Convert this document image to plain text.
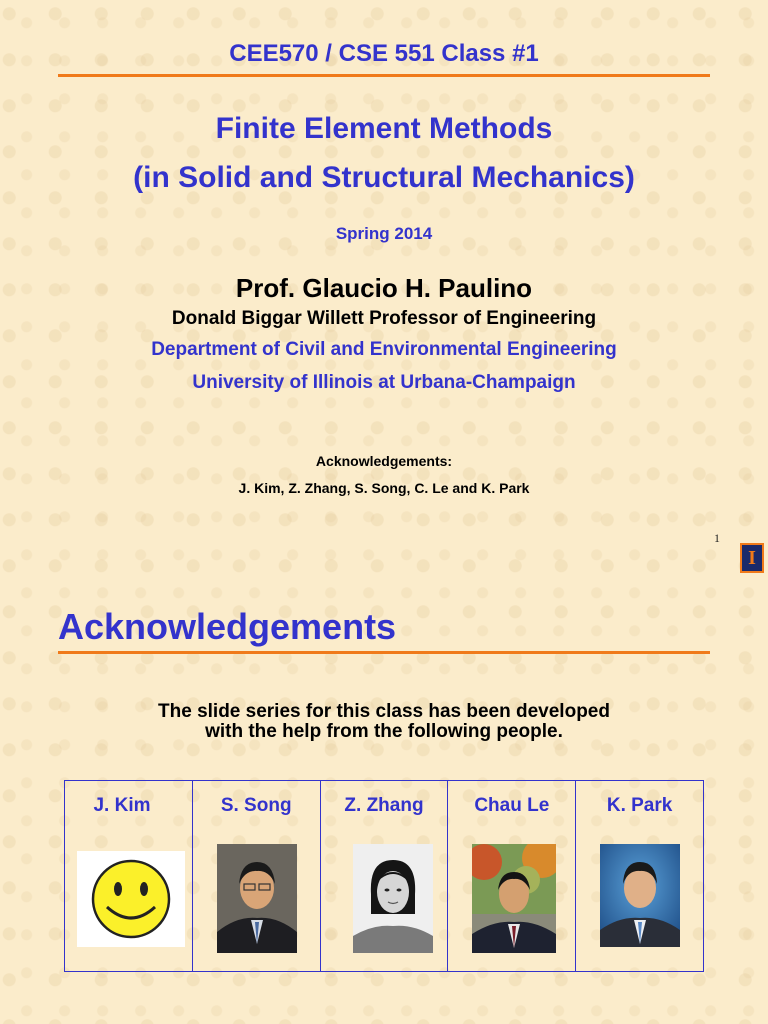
CEE570 / CSE 551 Class #1
Finite Element Methods
(in Solid and Structural Mechanics)
Spring 2014
Prof. Glaucio H. Paulino
Donald Biggar Willett Professor of Engineering
Department of Civil and Environmental Engineering
University of Illinois at Urbana-Champaign
Acknowledgements:
J. Kim, Z. Zhang, S. Song, C. Le and K. Park
1
I
Acknowledgements
The slide series for this class has been developed
with the help from the following people.
J. Kim	S. Song	Z. Zhang	Chau Le	K. Park
